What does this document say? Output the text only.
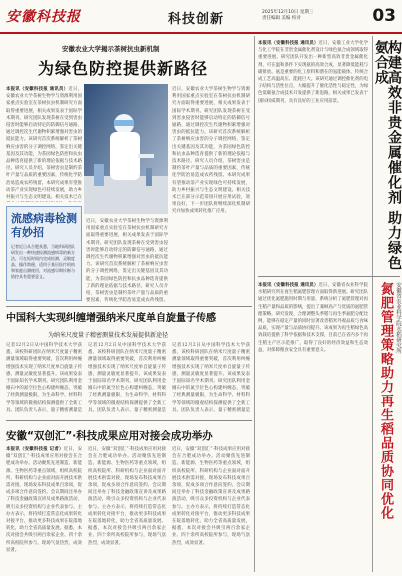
安徽科技报	科技创新	2025年12月10日 星期三
责任编辑 美编 校对	03
安徽农业大学揭示茶树抗虫新机制
为绿色防控提供新路径
本报讯（安徽科技报 通讯员）近日，安徽农业大学茶树生物学与资源利用国家重点实验室在茶树抗虫机制研究方面取得重要进展，相关成果发表于国际学术期刊。研究团队发现茶树在受到害虫侵害时能够启动特定的防御信号通路，通过调控次生代谢物积累增强对害虫的抵抗能力。该研究首次系统解析了茶树响应虫害的分子调控网络，鉴定出关键基因及其功能，为茶园绿色防控和抗虫品种选育提供了新的理论依据与技术路径。研究人员介绍，茶树害虫是制约茶叶产量与品质的重要因素，传统化学防治易造成农药残留。本研究成果有望推动茶产业实现绿色可持续发展，助力乡村振兴与生态文明建设。相关技术已在
近日，安徽农业大学茶树生物学与资源利用国家重点实验室在茶树抗虫机制研究方面取得重要进展，相关成果发表于国际学术期刊。研究团队发现茶树在受到害虫侵害时能够启动特定的防御信号通路，通过调控次生代谢物积累增强对害虫的抵抗能力。该研究首次系统解析了茶树响应虫害的分子调控网络，鉴定出关键基因及其功能，为茶园绿色防控和抗虫品种选育提供了新的理论依据与技术路径。研究人员介绍，茶树害虫是制约茶叶产量与品质的重要因素，传统化学防治易造成农药残留。本研究成果有望推动茶产业实现绿色可持续发展，助力乡村振兴与生态文明建设。相关技术已在部分示范茶园开展应用试验，效果良好，下一步团队将继续深化机制研究并加快成果转化推广应用。
近日，安徽农业大学茶树生物学与资源利用国家重点实验室在茶树抗虫机制研究方面取得重要进展，相关成果发表于国际学术期刊。研究团队发现茶树在受到害虫侵害时能够启动特定的防御信号通路，通过调控次生代谢物积累增强对害虫的抵抗能力。该研究首次系统解析了茶树响应虫害的分子调控网络，鉴定出关键基因及其功能，为茶园绿色防控和抗虫品种选育提供了新的理论依据与技术路径。研究人员介绍，茶树害虫是制约茶叶产量与品质的重要因素，传统化学防治易造成农药残留。
流感病毒检测有妙招
记者近日从合肥获悉，当地科研团队研发出一种快速检测流感病毒的新方法，可在短时间内完成检测，灵敏度高、操作简便，适用于基层医疗机构和家庭自测使用，对流感早期诊断与防控具有重要意义。
中国科大实现纠缠增强纳米尺度单自旋量子传感
为纳米尺度量子精密测量技术发展提供新途径
记者12月2日从中国科学技术大学获悉，该校科研团队在纳米尺度量子精密测量领域取得重要突破，首次利用纠缠增强技术实现了纳米尺度单自旋量子传感，测量灵敏度显著提升。该成果发表于国际知名学术期刊。研究团队利用金刚石中的氮空位色心构建纠缠态，突破了经典测量极限，为生命科学、材料科学等领域的微观结构探测提供了全新工具。团队负责人表示，量子精密测量是
记者12月2日从中国科学技术大学获悉，该校科研团队在纳米尺度量子精密测量领域取得重要突破，首次利用纠缠增强技术实现了纳米尺度单自旋量子传感，测量灵敏度显著提升。该成果发表于国际知名学术期刊。研究团队利用金刚石中的氮空位色心构建纠缠态，突破了经典测量极限，为生命科学、材料科学等领域的微观结构探测提供了全新工具。团队负责人表示，量子精密测量是
记者12月2日从中国科学技术大学获悉，该校科研团队在纳米尺度量子精密测量领域取得重要突破，首次利用纠缠增强技术实现了纳米尺度单自旋量子传感，测量灵敏度显著提升。该成果发表于国际知名学术期刊。研究团队利用金刚石中的氮空位色心构建纠缠态，突破了经典测量极限，为生命科学、材料科学等领域的微观结构探测提供了全新工具。团队负责人表示，量子精密测量是
安徽“双创汇”·科技成果应用对接会成功举办
本报讯（安徽科技报 记者）近日，安徽“双创汇”·科技成果应用对接会在合肥成功举办。活动聚焦先进制造、新能源、生物医药等重点领域，组织高校院所、科研机构与企业面对面开展技术供需对接，现场发布科技成果百余项，促成多项合作意向签约。会议期间还举办了科技金融政策宣讲及成果路演活动，吸引众多投资机构与企业代表参与。主办方表示，将持续打造常态化成果转化对接平台，推动更多科技成果在皖落地转化，助力全省高质量发展。据悉，本次对接会共吸引两百余家企业、四十余所高校院所参与，现场气氛热烈，成效显著。
近日，安徽“双创汇”·科技成果应用对接会在合肥成功举办。活动聚焦先进制造、新能源、生物医药等重点领域，组织高校院所、科研机构与企业面对面开展技术供需对接，现场发布科技成果百余项，促成多项合作意向签约。会议期间还举办了科技金融政策宣讲及成果路演活动，吸引众多投资机构与企业代表参与。主办方表示，将持续打造常态化成果转化对接平台，推动更多科技成果在皖落地转化，助力全省高质量发展。据悉，本次对接会共吸引两百余家企业、四十余所高校院所参与，现场气氛热烈，成效显著。
近日，安徽“双创汇”·科技成果应用对接会在合肥成功举办。活动聚焦先进制造、新能源、生物医药等重点领域，组织高校院所、科研机构与企业面对面开展技术供需对接，现场发布科技成果百余项，促成多项合作意向签约。会议期间还举办了科技金融政策宣讲及成果路演活动，吸引众多投资机构与企业代表参与。主办方表示，将持续打造常态化成果转化对接平台，推动更多科技成果在皖落地转化，助力全省高质量发展。据悉，本次对接会共吸引两百余家企业、四十余所高校院所参与，现场气氛热烈，成效显著。
本报讯（安徽科技报 通讯员）近日，安徽工业大学化学与化工学院在非贵金属催化剂设计与绿色氨合成领域取得重要进展。研究团队开发出一种新型高效非贵金属催化剂，可在温和条件下实现氨的高效合成，显著降低能耗与碳排放。氨是重要的化工原料和潜在的氢能载体，传统合成工艺高温高压、能耗巨大。该研究通过调控催化剂的电子结构与活性位点，大幅提升了催化活性与稳定性，为绿色低碳氨合成技术开发提供了新思路，相关成果已发表于国际权威期刊，具有良好的工业应用前景。	构建高效非贵金属催化剂 助力绿色氨合成
本报讯（安徽科技报 通讯员）近日，安徽省农业科学院水稻研究所在再生稻氮肥管理方面取得新进展。研究团队通过优化氮肥施用时期与用量，系统分析了氮肥管理对再生稻产量和品质的影响，提出了兼顾高产与优质的氮肥管理策略。研究发现，合理调整头季稻与再生季氮肥分配比例，能够在稳定产量的同时显著改善稻米外观品质与食味品质，实现产量与品质协同提升。该成果为再生稻绿色高效栽培提供了科学依据和技术支撑，目前已在省内多个再生稻主产区示范推广，取得了良好的经济效益和生态效益，对保障粮食安全具有重要意义。	氮肥管理策略助力再生稻品质协同优化 安徽省农业科学院水稻研究所
